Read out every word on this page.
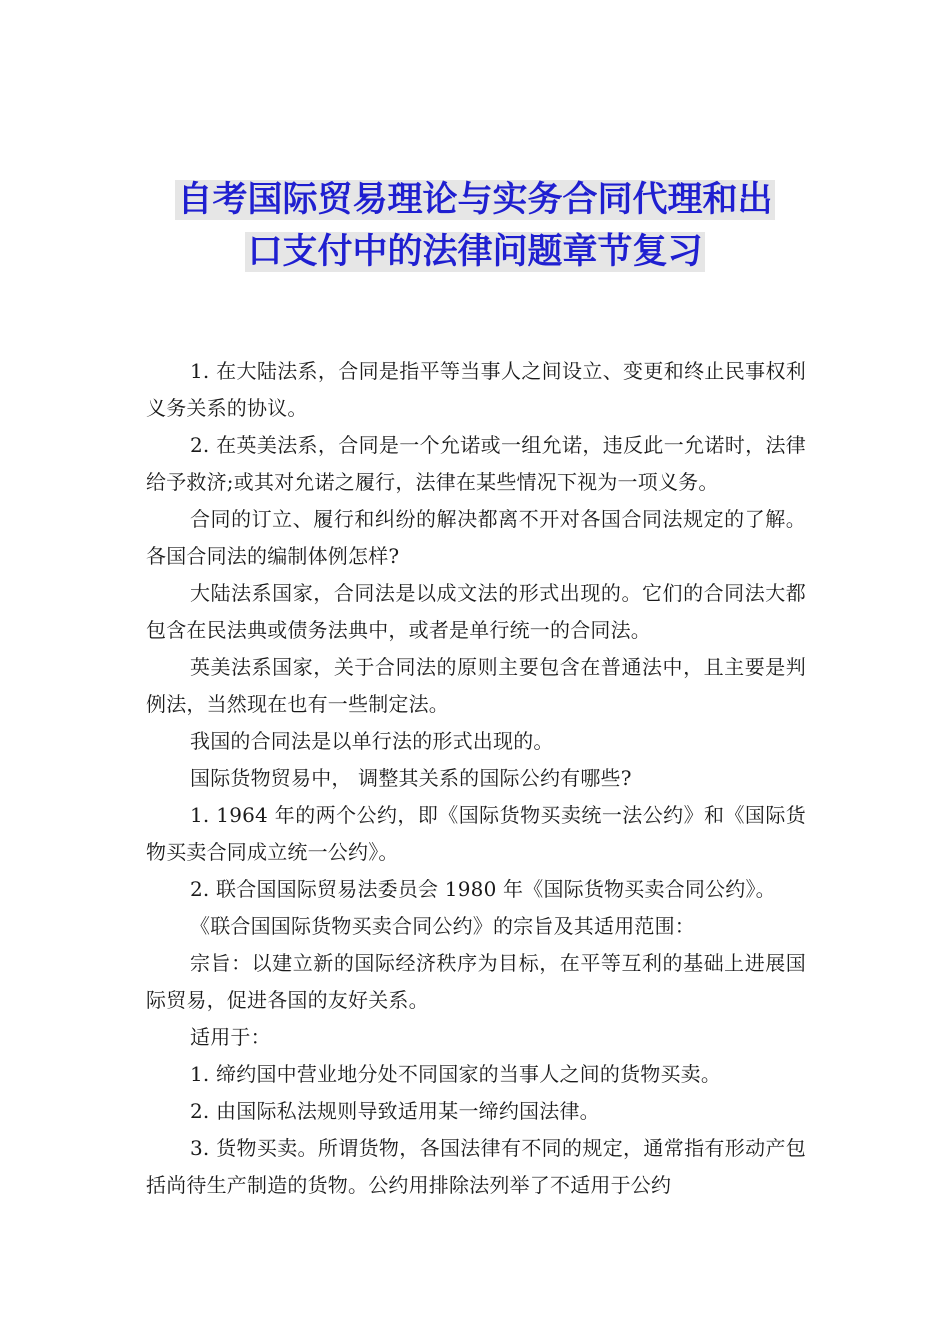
自考国际贸易理论与实务合同代理和出
口支付中的法律问题章节复习

1. 在大陆法系，合同是指平等当事人之间设立、变更和终止民事权利义务关系的协议。

2. 在英美法系，合同是一个允诺或一组允诺，违反此一允诺时，法律给予救济;或其对允诺之履行，法律在某些情况下视为一项义务。

合同的订立、履行和纠纷的解决都离不开对各国合同法规定的了解。各国合同法的编制体例怎样?

大陆法系国家，合同法是以成文法的形式出现的。它们的合同法大都包含在民法典或债务法典中，或者是单行统一的合同法。

英美法系国家，关于合同法的原则主要包含在普通法中，且主要是判例法，当然现在也有一些制定法。

我国的合同法是以单行法的形式出现的。

国际货物贸易中， 调整其关系的国际公约有哪些?

1. 1964 年的两个公约，即《国际货物买卖统一法公约》和《国际货物买卖合同成立统一公约》。

2. 联合国国际贸易法委员会 1980 年《国际货物买卖合同公约》。

《联合国国际货物买卖合同公约》的宗旨及其适用范围：

宗旨：以建立新的国际经济秩序为目标，在平等互利的基础上进展国际贸易，促进各国的友好关系。

适用于：

1. 缔约国中营业地分处不同国家的当事人之间的货物买卖。

2. 由国际私法规则导致适用某一缔约国法律。

3. 货物买卖。所谓货物，各国法律有不同的规定，通常指有形动产包括尚待生产制造的货物。公约用排除法列举了不适用于公约
